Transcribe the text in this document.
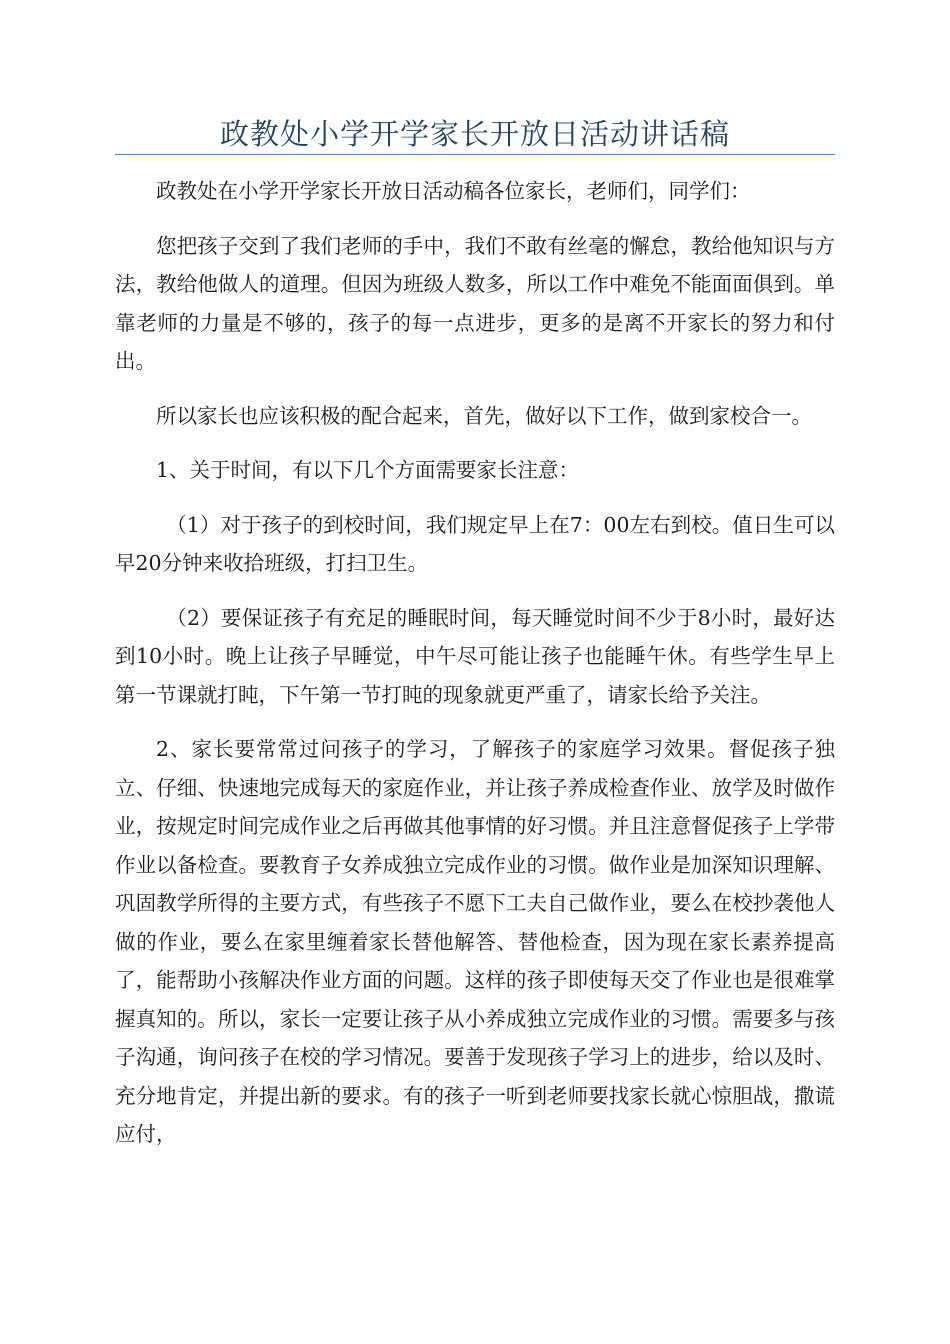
政教处小学开学家长开放日活动讲话稿

政教处在小学开学家长开放日活动稿各位家长，老师们，同学们：

您把孩子交到了我们老师的手中，我们不敢有丝毫的懈怠，教给他知识与方法，教给他做人的道理。但因为班级人数多，所以工作中难免不能面面俱到。单靠老师的力量是不够的，孩子的每一点进步，更多的是离不开家长的努力和付出。

所以家长也应该积极的配合起来，首先，做好以下工作，做到家校合一。

1、关于时间，有以下几个方面需要家长注意：

（1）对于孩子的到校时间，我们规定早上在7：00左右到校。值日生可以早20分钟来收拾班级，打扫卫生。

（2）要保证孩子有充足的睡眠时间，每天睡觉时间不少于8小时，最好达到10小时。晚上让孩子早睡觉，中午尽可能让孩子也能睡午休。有些学生早上第一节课就打盹，下午第一节打盹的现象就更严重了，请家长给予关注。

2、家长要常常过问孩子的学习，了解孩子的家庭学习效果。督促孩子独立、仔细、快速地完成每天的家庭作业，并让孩子养成检查作业、放学及时做作业，按规定时间完成作业之后再做其他事情的好习惯。并且注意督促孩子上学带作业以备检查。要教育子女养成独立完成作业的习惯。做作业是加深知识理解、巩固教学所得的主要方式，有些孩子不愿下工夫自己做作业，要么在校抄袭他人做的作业，要么在家里缠着家长替他解答、替他检查，因为现在家长素养提高了，能帮助小孩解决作业方面的问题。这样的孩子即使每天交了作业也是很难掌握真知的。所以，家长一定要让孩子从小养成独立完成作业的习惯。需要多与孩子沟通，询问孩子在校的学习情况。要善于发现孩子学习上的进步，给以及时、充分地肯定，并提出新的要求。有的孩子一听到老师要找家长就心惊胆战，撒谎应付，
